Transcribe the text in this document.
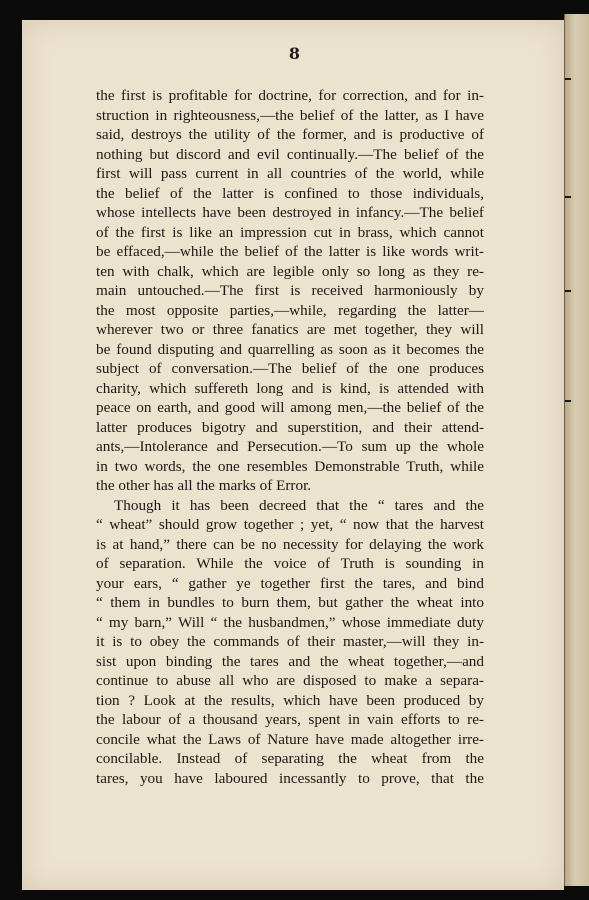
8
the first is profitable for doctrine, for correction, and for in-
struction in righteousness,—the belief of the latter, as I have
said, destroys the utility of the former, and is productive of
nothing but discord and evil continually.—The belief of the
first will pass current in all countries of the world, while
the belief of the latter is confined to those individuals,
whose intellects have been destroyed in infancy.—The belief
of the first is like an impression cut in brass, which cannot
be effaced,—while the belief of the latter is like words writ-
ten with chalk, which are legible only so long as they re-
main untouched.—The first is received harmoniously by
the most opposite parties,—while, regarding the latter—
wherever two or three fanatics are met together, they will
be found disputing and quarrelling as soon as it becomes the
subject of conversation.—The belief of the one produces
charity, which suffereth long and is kind, is attended with
peace on earth, and good will among men,—the belief of the
latter produces bigotry and superstition, and their attend-
ants,—Intolerance and Persecution.—To sum up the whole
in two words, the one resembles Demonstrable Truth, while
the other has all the marks of Error.
Though it has been decreed that the “ tares and the
“ wheat” should grow together ; yet, “ now that the harvest
is at hand,” there can be no necessity for delaying the work
of separation. While the voice of Truth is sounding in
your ears, “ gather ye together first the tares, and bind
“ them in bundles to burn them, but gather the wheat into
“ my barn,” Will “ the husbandmen,” whose immediate duty
it is to obey the commands of their master,—will they in-
sist upon binding the tares and the wheat together,—and
continue to abuse all who are disposed to make a separa-
tion ? Look at the results, which have been produced by
the labour of a thousand years, spent in vain efforts to re-
concile what the Laws of Nature have made altogether irre-
concilable. Instead of separating the wheat from the
tares, you have laboured incessantly to prove, that the
